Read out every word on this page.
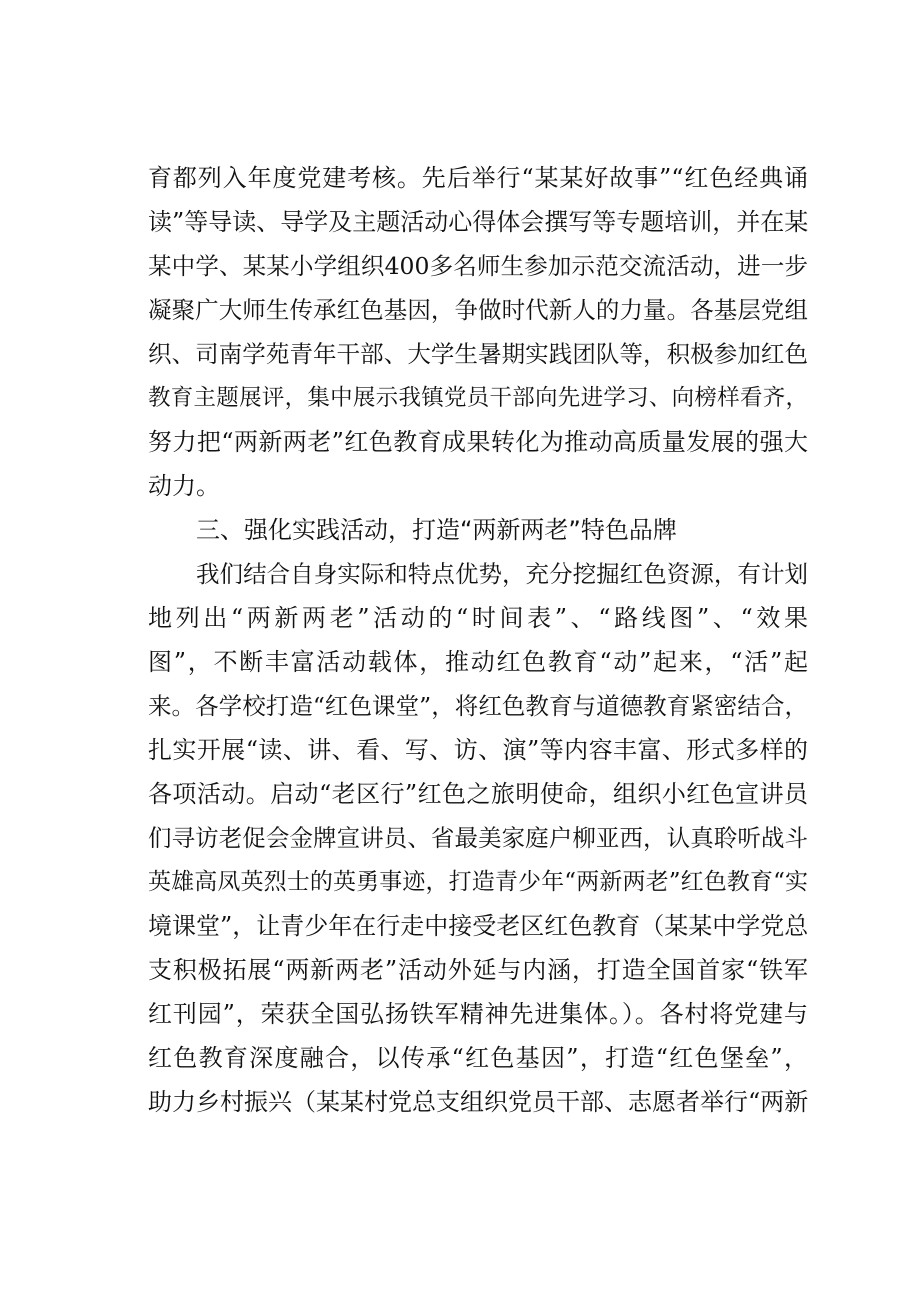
育都列入年度党建考核。先后举行“某某好故事”“红色经典诵
读”等导读、导学及主题活动心得体会撰写等专题培训，并在某
某中学、某某小学组织400多名师生参加示范交流活动，进一步
凝聚广大师生传承红色基因，争做时代新人的力量。各基层党组
织、司南学苑青年干部、大学生暑期实践团队等，积极参加红色
教育主题展评，集中展示我镇党员干部向先进学习、向榜样看齐，
努力把“两新两老”红色教育成果转化为推动高质量发展的强大
动力。
三、强化实践活动，打造“两新两老”特色品牌
我们结合自身实际和特点优势，充分挖掘红色资源，有计划
地列出“两新两老”活动的“时间表”、“路线图”、“效果
图”，不断丰富活动载体，推动红色教育“动”起来，“活”起
来。各学校打造“红色课堂”，将红色教育与道德教育紧密结合，
扎实开展“读、讲、看、写、访、演”等内容丰富、形式多样的
各项活动。启动“老区行”红色之旅明使命，组织小红色宣讲员
们寻访老促会金牌宣讲员、省最美家庭户柳亚西，认真聆听战斗
英雄高凤英烈士的英勇事迹，打造青少年“两新两老”红色教育“实
境课堂”，让青少年在行走中接受老区红色教育（某某中学党总
支积极拓展“两新两老”活动外延与内涵，打造全国首家“铁军
红刊园”，荣获全国弘扬铁军精神先进集体。）。各村将党建与
红色教育深度融合，以传承“红色基因”，打造“红色堡垒”，
助力乡村振兴（某某村党总支组织党员干部、志愿者举行“两新
